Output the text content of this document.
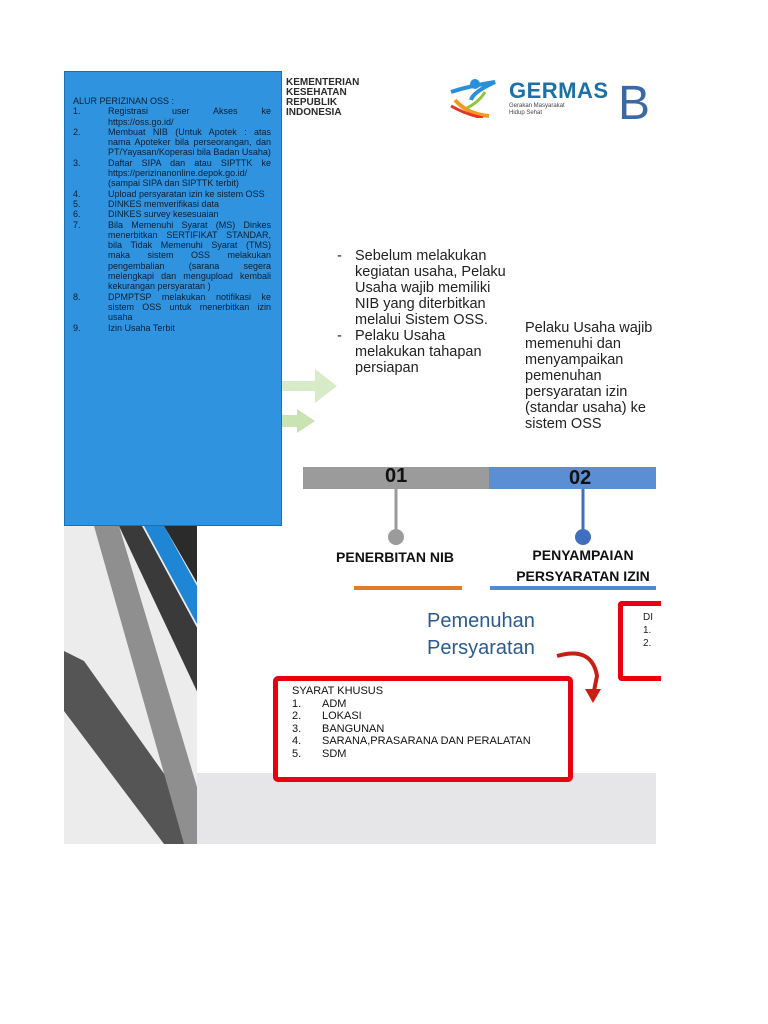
KEMENTERIAN
KESEHATAN
REPUBLIK
INDONESIA
GERMAS
Gerakan Masyarakat Hidup Sehat	B
- Sebelum melakukan kegiatan usaha, Pelaku Usaha wajib memiliki NIB yang diterbitkan melalui Sistem OSS.
- Pelaku Usaha melakukan tahapan persiapan
Pelaku Usaha wajib memenuhi dan menyampaikan pemenuhan persyaratan izin (standar usaha) ke sistem OSS
01	02
PENERBITAN NIB	PENYAMPAIAN PERSYARATAN IZIN
Pemenuhan
Persyaratan
DI
1.
2.
SYARAT KHUSUS
1. ADM
2. LOKASI
3. BANGUNAN
4. SARANA,PRASARANA DAN PERALATAN
5. SDM
ALUR PERIZINAN OSS :
1.	Registrasi user Akses ke https://oss.go.id/
2.	Membuat NIB (Untuk Apotek : atas nama Apoteker bila perseorangan, dan PT/Yayasan/Koperasi bila Badan Usaha)
3.	Daftar SIPA dan atau SIPTTK ke https://perizinanonline.depok.go.id/ (sampai SIPA dan SIPTTK terbit)
4.	Upload persyaratan izin ke sistem OSS
5.	DINKES memverifikasi data
6.	DINKES survey kesesuaian
7.	Bila Memenuhi Syarat (MS) Dinkes menerbitkan SERTIFIKAT STANDAR, bila Tidak Memenuhi Syarat (TMS) maka sistem OSS melakukan pengembalian (sarana segera melengkapi dan mengupload kembali kekurangan persyaratan )
8.	DPMPTSP melakukan notifikasi ke sistem OSS untuk menerbitkan izin usaha
9.	Izin Usaha Terbit
